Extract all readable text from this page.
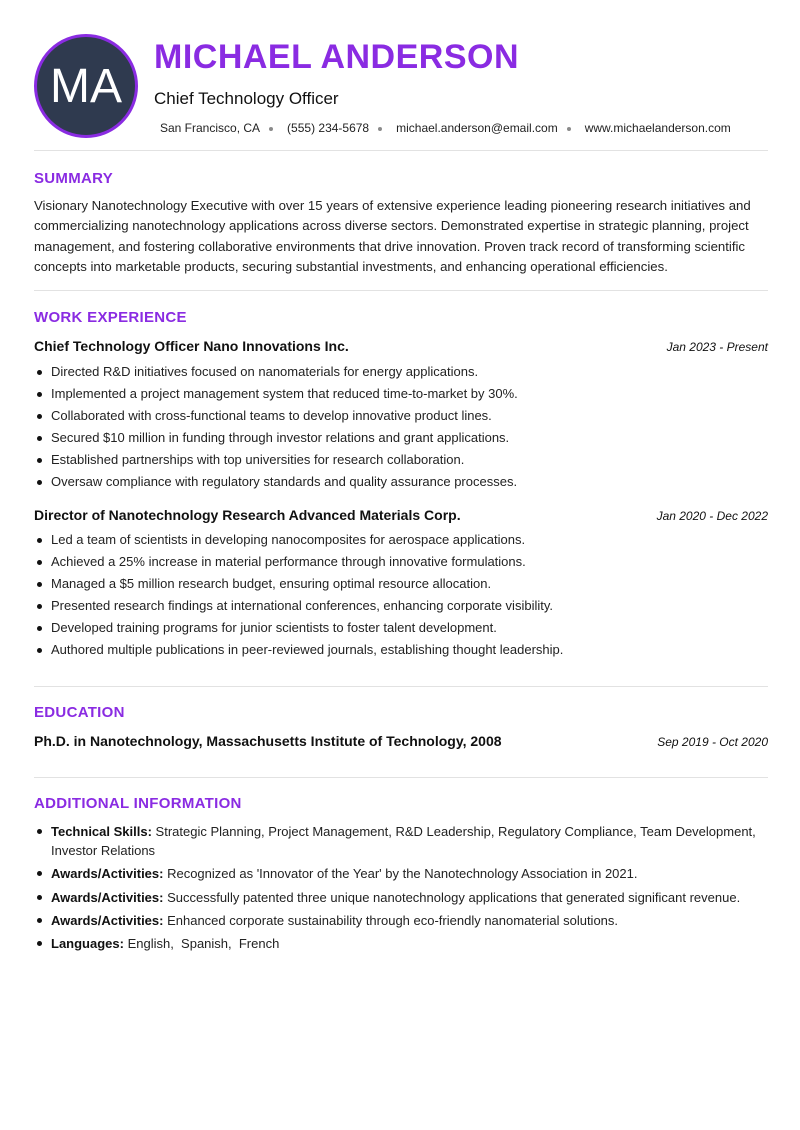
MA
MICHAEL ANDERSON
Chief Technology Officer
San Francisco, CA (555) 234-5678 michael.anderson@email.com www.michaelanderson.com
SUMMARY
Visionary Nanotechnology Executive with over 15 years of extensive experience leading pioneering research initiatives and commercializing nanotechnology applications across diverse sectors. Demonstrated expertise in strategic planning, project management, and fostering collaborative environments that drive innovation. Proven track record of transforming scientific concepts into marketable products, securing substantial investments, and enhancing operational efficiencies.
WORK EXPERIENCE
Chief Technology Officer Nano Innovations Inc.	Jan 2023 - Present
Directed R&D initiatives focused on nanomaterials for energy applications.
Implemented a project management system that reduced time-to-market by 30%.
Collaborated with cross-functional teams to develop innovative product lines.
Secured $10 million in funding through investor relations and grant applications.
Established partnerships with top universities for research collaboration.
Oversaw compliance with regulatory standards and quality assurance processes.
Director of Nanotechnology Research Advanced Materials Corp.	Jan 2020 - Dec 2022
Led a team of scientists in developing nanocomposites for aerospace applications.
Achieved a 25% increase in material performance through innovative formulations.
Managed a $5 million research budget, ensuring optimal resource allocation.
Presented research findings at international conferences, enhancing corporate visibility.
Developed training programs for junior scientists to foster talent development.
Authored multiple publications in peer-reviewed journals, establishing thought leadership.
EDUCATION
Ph.D. in Nanotechnology, Massachusetts Institute of Technology, 2008	Sep 2019 - Oct 2020
ADDITIONAL INFORMATION
Technical Skills: Strategic Planning, Project Management, R&D Leadership, Regulatory Compliance, Team Development, Investor Relations
Awards/Activities: Recognized as 'Innovator of the Year' by the Nanotechnology Association in 2021.
Awards/Activities: Successfully patented three unique nanotechnology applications that generated significant revenue.
Awards/Activities: Enhanced corporate sustainability through eco-friendly nanomaterial solutions.
Languages: English,  Spanish,  French
